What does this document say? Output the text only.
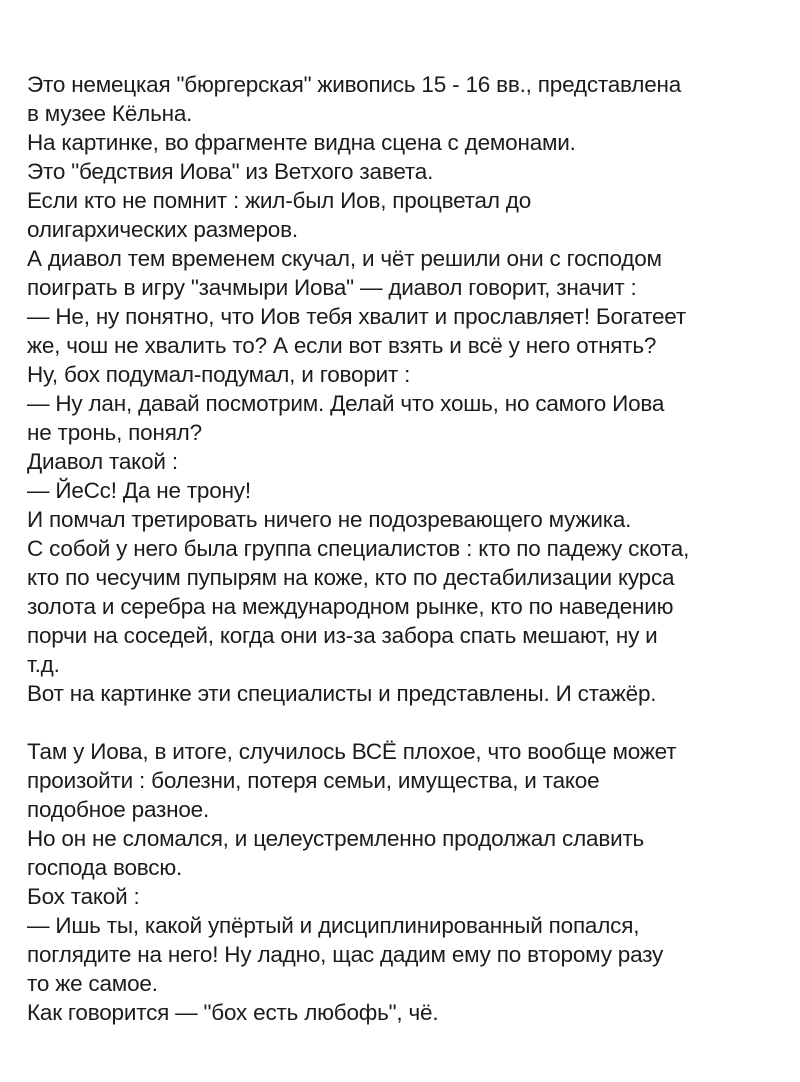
Это немецкая "бюргерская" живопись 15 - 16 вв., представлена
в музее Кёльна.
На картинке, во фрагменте видна сцена с демонами.
Это "бедствия Иова" из Ветхого завета.
Если кто не помнит : жил-был Иов, процветал до
олигархических размеров.
А диавол тем временем скучал, и чёт решили они с господом
поиграть в игру "зачмыри Иова" — диавол говорит, значит :
— Не, ну понятно, что Иов тебя хвалит и прославляет! Богатеет
же, чош не хвалить то? А если вот взять и всё у него отнять?
Ну, бох подумал-подумал, и говорит :
— Ну лан, давай посмотрим. Делай что хошь, но самого Иова
не тронь, понял?
Диавол такой :
— ЙеСс! Да не трону!
И помчал третировать ничего не подозревающего мужика.
С собой у него была группа специалистов : кто по падежу скота,
кто по чесучим пупырям на коже, кто по дестабилизации курса
золота и серебра на международном рынке, кто по наведению
порчи на соседей, когда они из-за забора спать мешают, ну и
т.д.
Вот на картинке эти специалисты и представлены. И стажёр.
Там у Иова, в итоге, случилось ВСЁ плохое, что вообще может
произойти : болезни, потеря семьи, имущества, и такое
подобное разное.
Но он не сломался, и целеустремленно продолжал славить
господа вовсю.
Бох такой :
— Ишь ты, какой упёртый и дисциплинированный попался,
поглядите на него! Ну ладно, щас дадим ему по второму разу
то же самое.
Как говорится — "бох есть любофь", чё.
